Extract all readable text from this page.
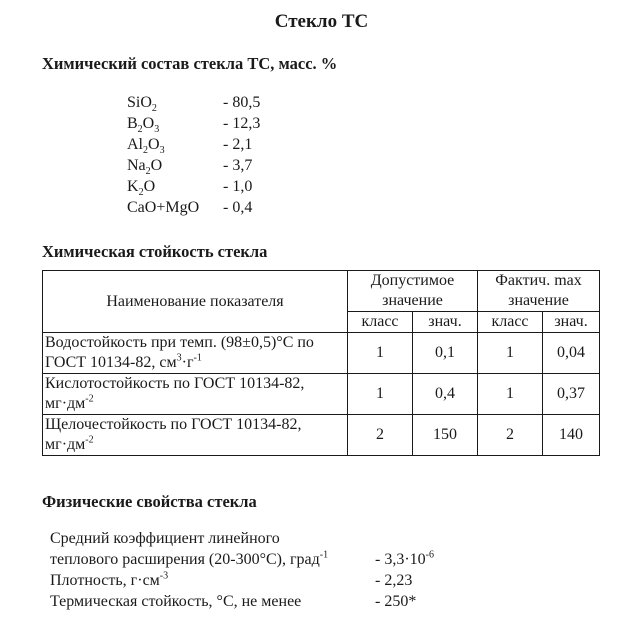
Стекло ТС
Химический состав стекла ТС, масс. %
SiO$_2$	- 80,5
$B_2O_3$	- 12,3
$Al_2O_3$	- 2,1
$Na_2O$	- 3,7
$K_2O$	- 1,0
CaO+MgO	- 0,4
Химическая стойкость стекла
Наименование показателя	Допустимое значение		Фактич. max значение	
	класс	знач.	класс	знач.
Водостойкость при темп. (98±0,5)°С по ГОСТ 10134-82, $см^3\cdot г^{-1}$	1	0,1	1	0,04
Кислотостойкость по ГОСТ 10134-82, $мг\cdot дм^{-2}$	1	0,4	1	0,37
Щелочестойкость по ГОСТ 10134-82, $мг\cdot дм^{-2}$	2	150	2	140
Физические свойства стекла
Средний коэффициент линейного
теплового расширения (20-300°С), град$^{-1}$	- $3,3\cdot 10^{-6}$
Плотность, $г\cdot см^{-3}$	- 2,23
Термическая стойкость, °С, не менее	- 250*
